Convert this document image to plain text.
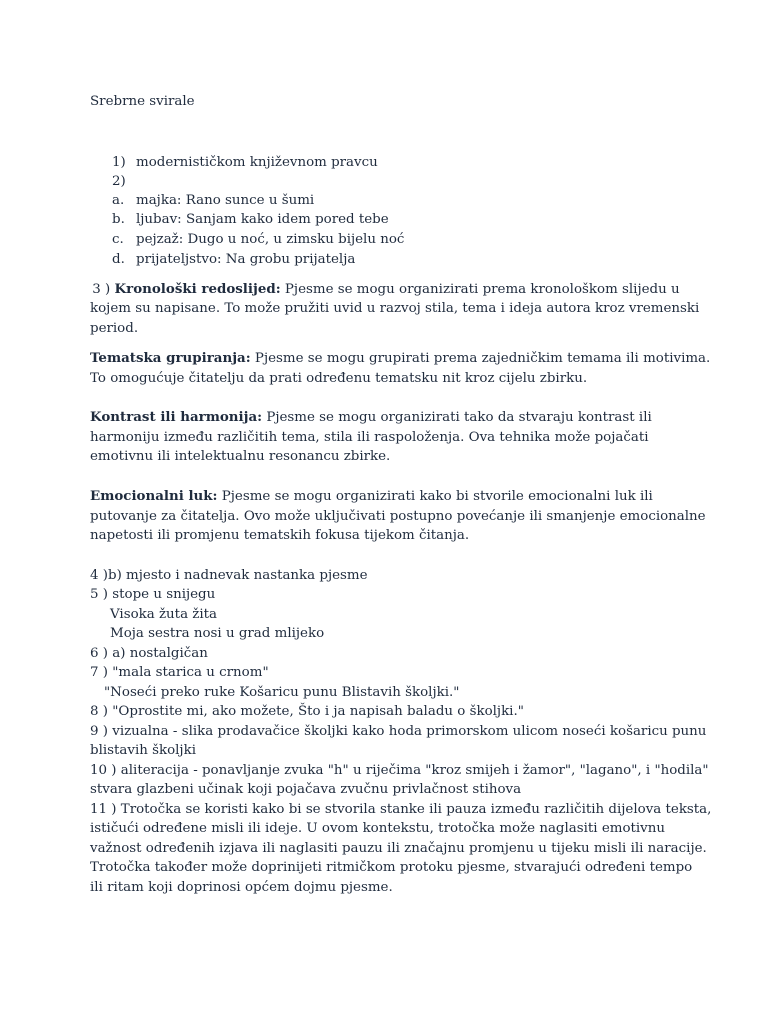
Srebrne svirale
1) modernističkom književnom pravcu
2)
a. majka: Rano sunce u šumi
b. ljubav: Sanjam kako idem pored tebe
c. pejzaž: Dugo u noć, u zimsku bijelu noć
d. prijateljstvo: Na grobu prijatelja
3 ) Kronološki redoslijed: Pjesme se mogu organizirati prema kronološkom slijedu u
kojem su napisane. To može pružiti uvid u razvoj stila, tema i ideja autora kroz vremenski
period.
Tematska grupiranja: Pjesme se mogu grupirati prema zajedničkim temama ili motivima.
To omogućuje čitatelju da prati određenu tematsku nit kroz cijelu zbirku.
Kontrast ili harmonija: Pjesme se mogu organizirati tako da stvaraju kontrast ili
harmoniju između različitih tema, stila ili raspoloženja. Ova tehnika može pojačati
emotivnu ili intelektualnu resonancu zbirke.
Emocionalni luk: Pjesme se mogu organizirati kako bi stvorile emocionalni luk ili
putovanje za čitatelja. Ovo može uključivati postupno povećanje ili smanjenje emocionalne
napetosti ili promjenu tematskih fokusa tijekom čitanja.
4 )b) mjesto i nadnevak nastanka pjesme
5 ) stope u snijegu
Visoka žuta žita
Moja sestra nosi u grad mlijeko
6 ) a) nostalgičan
7 ) "mala starica u crnom"
"Noseći preko ruke Košaricu punu Blistavih školjki."
8 ) "Oprostite mi, ako možete, Što i ja napisah baladu o školjki."
9 ) vizualna - slika prodavačice školjki kako hoda primorskom ulicom noseći košaricu punu
blistavih školjki
10 ) aliteracija - ponavljanje zvuka "h" u riječima "kroz smijeh i žamor", "lagano", i "hodila"
stvara glazbeni učinak koji pojačava zvučnu privlačnost stihova
11 ) Trotočka se koristi kako bi se stvorila stanke ili pauza između različitih dijelova teksta,
ističući određene misli ili ideje. U ovom kontekstu, trotočka može naglasiti emotivnu
važnost određenih izjava ili naglasiti pauzu ili značajnu promjenu u tijeku misli ili naracije.
Trotočka također može doprinijeti ritmičkom protoku pjesme, stvarajući određeni tempo
ili ritam koji doprinosi općem dojmu pjesme.
